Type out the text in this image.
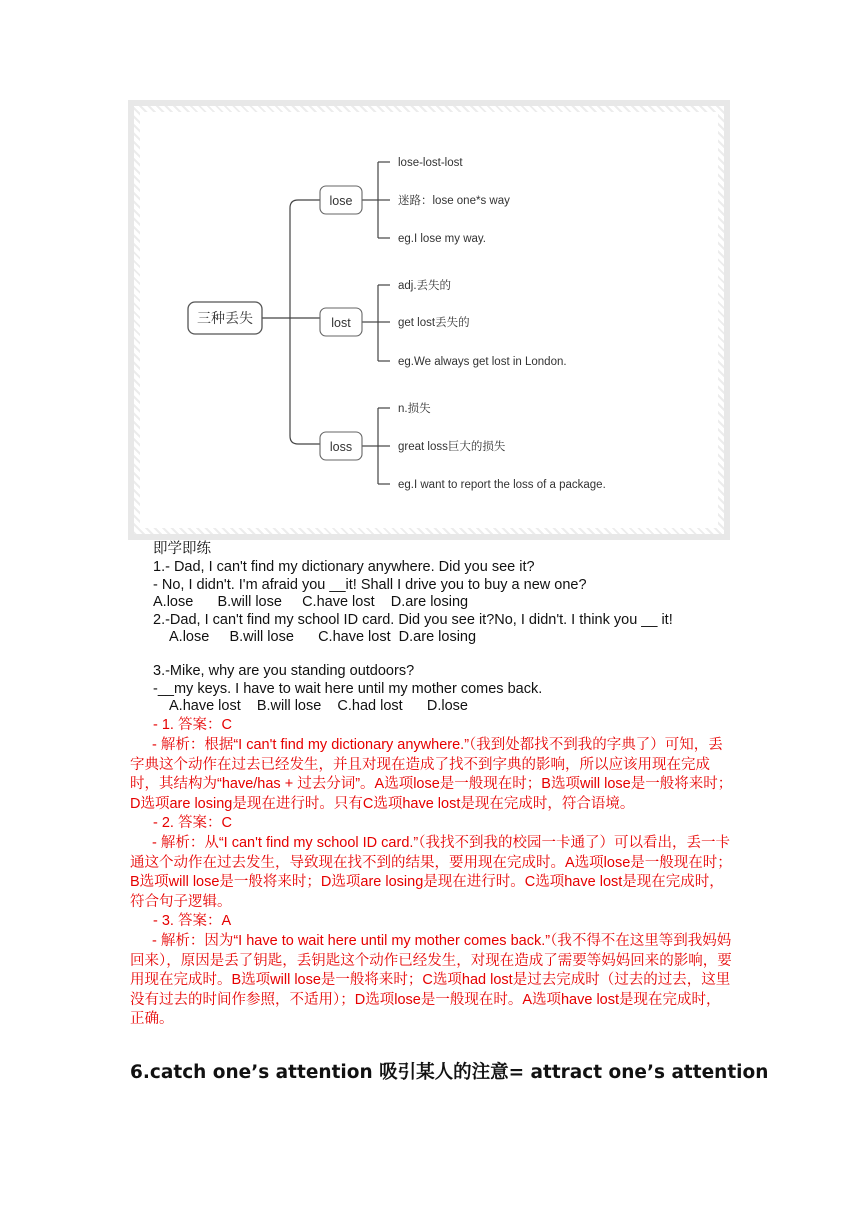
三种丢失
lose
lose-lost-lost
迷路：lose one*s way
eg.I lose my way.
lost
adj.丢失的
get lost丢失的
eg.We always get lost in London.
loss
n.损失
great loss巨大的损失
eg.I want to report the loss of a package.
即学即练
1.- Dad, I can't find my dictionary anywhere. Did you see it?
- No, I didn't. I'm afraid you __it! Shall I drive you to buy a new one?
A.lose      B.will lose     C.have lost    D.are losing
2.-Dad, I can't find my school ID card. Did you see it?No, I didn't. I think you __ it!
A.lose     B.will lose      C.have lost  D.are losing
3.-Mike, why are you standing outdoors?
-__my keys. I have to wait here until my mother comes back.
A.have lost    B.will lose    C.had lost      D.lose
- 1. 答案：C
- 解析：根据“I can't find my dictionary anywhere.”（我到处都找不到我的字典了）可知，丢字典这个动作在过去已经发生，并且对现在造成了找不到字典的影响，所以应该用现在完成时，其结构为“have/has + 过去分词”。A选项lose是一般现在时；B选项will lose是一般将来时；D选项are losing是现在进行时。只有C选项have lost是现在完成时，符合语境。
- 2. 答案：C
- 解析：从“I can't find my school ID card.”（我找不到我的校园一卡通了）可以看出，丢一卡通这个动作在过去发生，导致现在找不到的结果，要用现在完成时。A选项lose是一般现在时；B选项will lose是一般将来时；D选项are losing是现在进行时。C选项have lost是现在完成时，符合句子逻辑。
- 3. 答案：A
- 解析：因为“I have to wait here until my mother comes back.”（我不得不在这里等到我妈妈回来），原因是丢了钥匙，丢钥匙这个动作已经发生，对现在造成了需要等妈妈回来的影响，要用现在完成时。B选项will lose是一般将来时；C选项had lost是过去完成时（过去的过去，这里没有过去的时间作参照，不适用）；D选项lose是一般现在时。A选项have lost是现在完成时，正确。
6.catch one’s attention 吸引某人的注意= attract one’s attention
